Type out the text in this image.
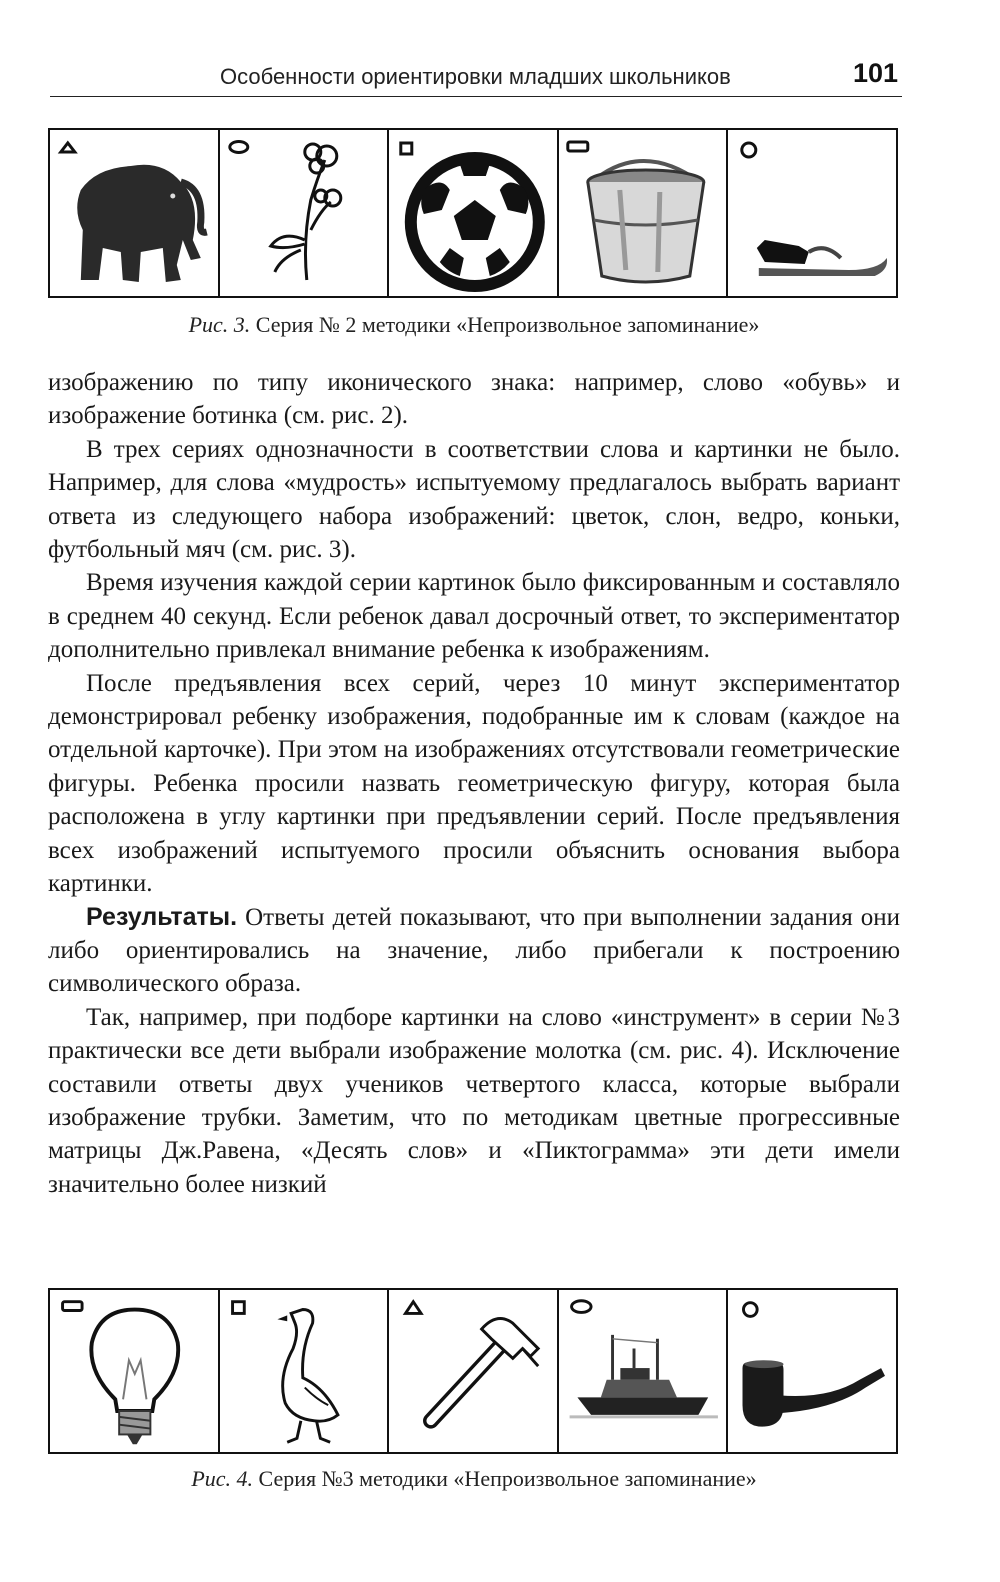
Особенности ориентировки младших школьников	101
Рис. 3. Серия № 2 методики «Непроизвольное запоминание»

изображению по типу иконического знака: например, слово «обувь» и изображение ботинка (см. рис. 2).

В трех сериях однозначности в соответствии слова и картинки не было. Например, для слова «мудрость» испытуемому предлагалось выбрать вариант ответа из следующего набора изображений: цветок, слон, ведро, коньки, футбольный мяч (см. рис. 3).

Время изучения каждой серии картинок было фиксированным и составляло в среднем 40 секунд. Если ребенок давал досрочный ответ, то экспериментатор дополнительно привлекал внимание ребенка к изображениям.

После предъявления всех серий, через 10 минут экспериментатор демонстрировал ребенку изображения, подобранные им к словам (каждое на отдельной карточке). При этом на изображениях отсутствовали геометрические фигуры. Ребенка просили назвать геометрическую фигуру, которая была расположена в углу картинки при предъявлении серий. После предъявления всех изображений испытуемого просили объяснить основания выбора картинки.

Результаты. Ответы детей показывают, что при выполнении задания они либо ориентировались на значение, либо прибегали к построению символического образа.

Так, например, при подборе картинки на слово «инструмент» в серии №3 практически все дети выбрали изображение молотка (см. рис. 4). Исключение составили ответы двух учеников четвертого класса, которые выбрали изображение трубки. Заметим, что по методикам цветные прогрессивные матрицы Дж.Равена, «Десять слов» и «Пиктограмма» эти дети имели значительно более низкий

Рис. 4. Серия №3 методики «Непроизвольное запоминание»
